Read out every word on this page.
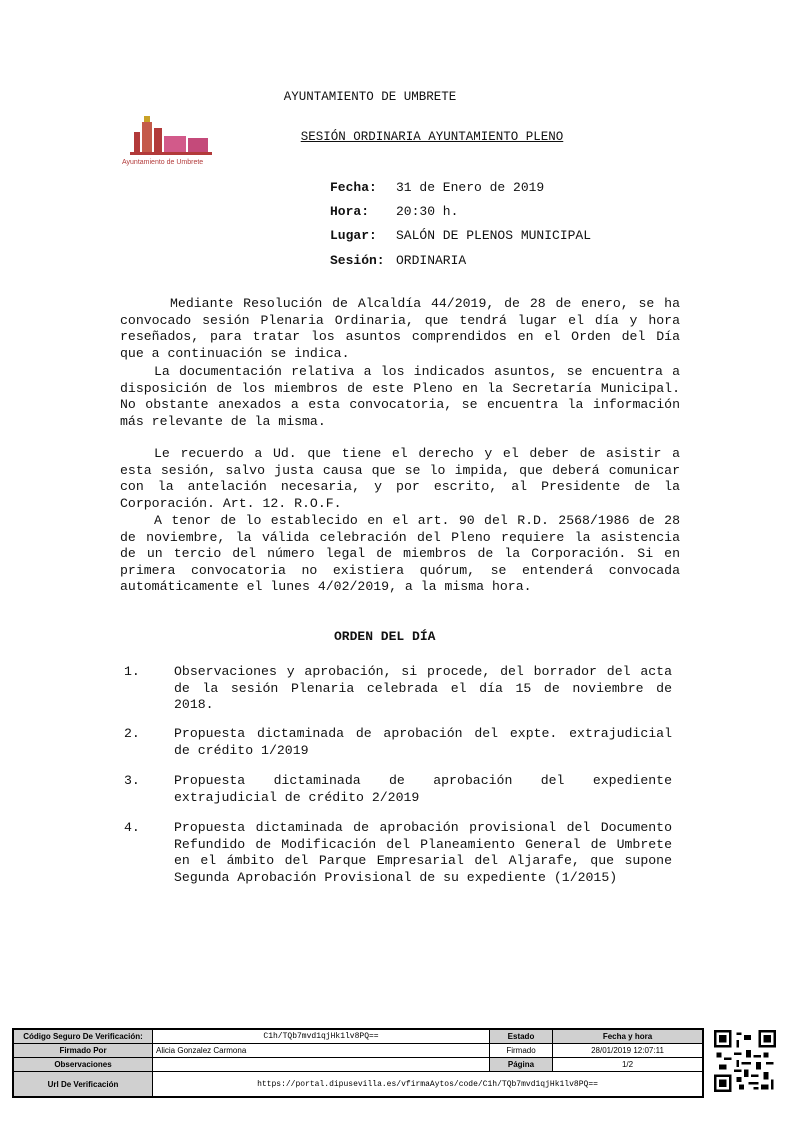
AYUNTAMIENTO DE UMBRETE
Ayuntamiento de Umbrete
SESIÓN ORDINARIA AYUNTAMIENTO PLENO
Fecha: 31 de Enero de 2019
Hora: 20:30 h.
Lugar: SALÓN DE PLENOS MUNICIPAL
Sesión: ORDINARIA

Mediante Resolución de Alcaldía 44/2019, de 28 de enero, se ha convocado sesión Plenaria Ordinaria, que tendrá lugar el día y hora reseñados, para tratar los asuntos comprendidos en el Orden del Día que a continuación se indica.

La documentación relativa a los indicados asuntos, se encuentra a disposición de los miembros de este Pleno en la Secretaría Municipal. No obstante anexados a esta convocatoria, se encuentra la información más relevante de la misma.

Le recuerdo a Ud. que tiene el derecho y el deber de asistir a esta sesión, salvo justa causa que se lo impida, que deberá comunicar con la antelación necesaria, y por escrito, al Presidente de la Corporación. Art. 12. R.O.F.

A tenor de lo establecido en el art. 90 del R.D. 2568/1986 de 28 de noviembre, la válida celebración del Pleno requiere la asistencia de un tercio del número legal de miembros de la Corporación. Si en primera convocatoria no existiera quórum, se entenderá convocada automáticamente el lunes 4/02/2019, a la misma hora.

ORDEN DEL DÍA
1.	Observaciones y aprobación, si procede, del borrador del acta de la sesión Plenaria celebrada el día 15 de noviembre de 2018.
2.	Propuesta dictaminada de aprobación del expte. extrajudicial de crédito 1/2019
3.	Propuesta dictaminada de aprobación del expediente extrajudicial de crédito 2/2019
4.	Propuesta dictaminada de aprobación provisional del Documento Refundido de Modificación del Planeamiento General de Umbrete en el ámbito del Parque Empresarial del Aljarafe, que supone Segunda Aprobación Provisional de su expediente (1/2015)
Código Seguro De Verificación:	C1h/TQb7mvd1qjHk1lv8PQ==	Estado	Fecha y hora
Firmado Por	Alicia Gonzalez Carmona	Firmado	28/01/2019 12:07:11
Observaciones		Página	1/2
Url De Verificación	https://portal.dipusevilla.es/vfirmaAytos/code/C1h/TQb7mvd1qjHk1lv8PQ==		
